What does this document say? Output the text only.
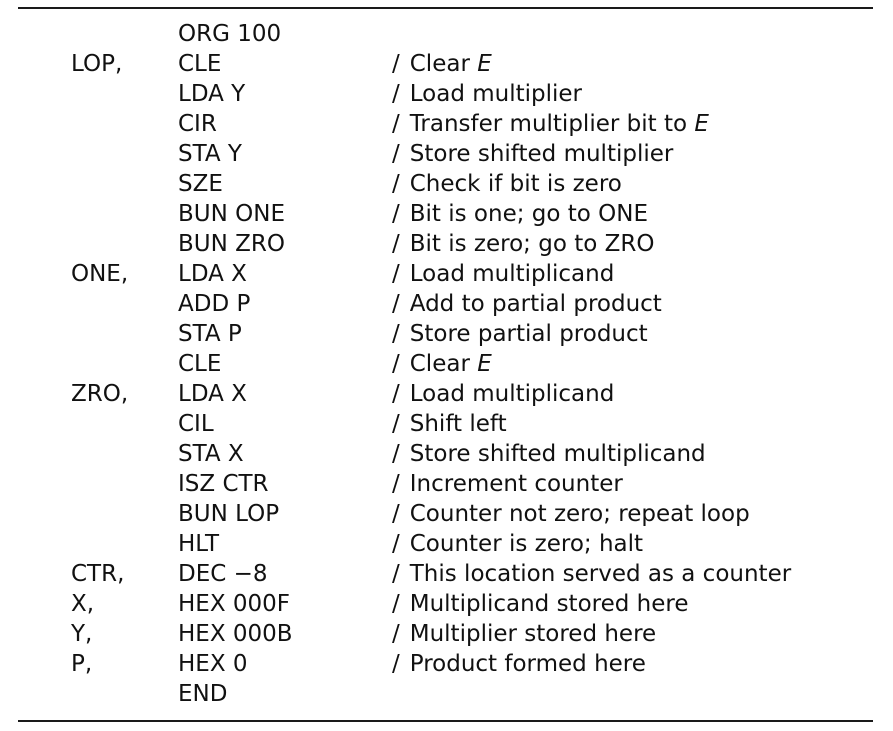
ORG 100
LOP, CLE	/ Clear E
LDA Y	/ Load multiplier
CIR	/ Transfer multiplier bit to E
STA Y	/ Store shifted multiplier
SZE	/ Check if bit is zero
BUN ONE	/ Bit is one; go to ONE
BUN ZRO	/ Bit is zero; go to ZRO
ONE, LDA X	/ Load multiplicand
ADD P	/ Add to partial product
STA P	/ Store partial product
CLE	/ Clear E
ZRO, LDA X	/ Load multiplicand
CIL	/ Shift left
STA X	/ Store shifted multiplicand
ISZ CTR	/ Increment counter
BUN LOP	/ Counter not zero; repeat loop
HLT	/ Counter is zero; halt
CTR, DEC −8	/ This location served as a counter
X,	HEX 000F	/ Multiplicand stored here
Y,	HEX 000B	/ Multiplier stored here
P,	HEX 0	/ Product formed here
END
